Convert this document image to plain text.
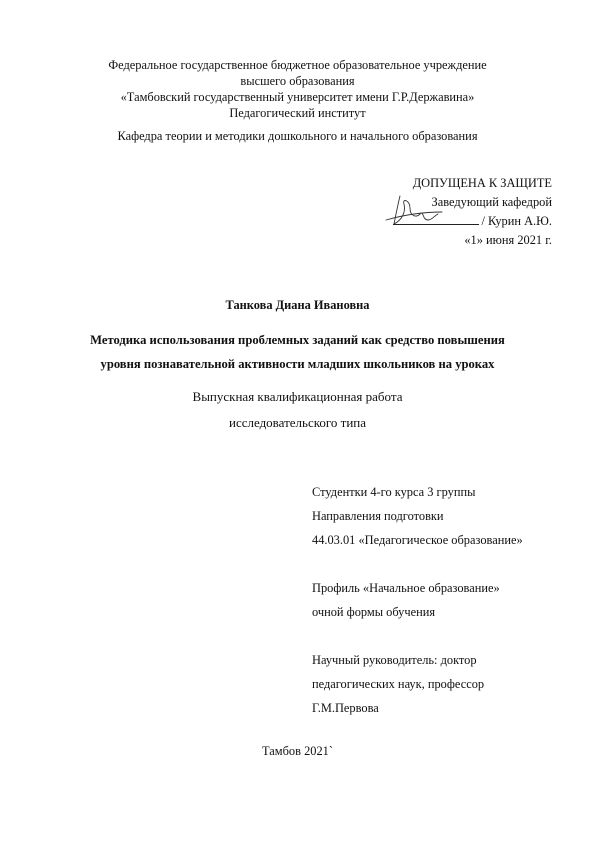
Федеральное государственное бюджетное образовательное учреждение
высшего образования
«Тамбовский государственный университет имени Г.Р.Державина»
Педагогический институт
Кафедра теории и методики дошкольного и начального образования
ДОПУЩЕНА К ЗАЩИТЕ
Заведующий кафедрой
/ Курин А.Ю.
«1» июня 2021 г.
Танкова Диана Ивановна
Методика использования проблемных заданий как средство повышения
уровня познавательной активности младших школьников на уроках
Выпускная квалификационная работа
исследовательского типа
Студентки 4-го курса 3 группы
Направления подготовки
44.03.01 «Педагогическое образование»
Профиль «Начальное образование»
очной формы обучения
Научный руководитель: доктор
педагогических наук, профессор
Г.М.Первова
Тамбов 2021`
